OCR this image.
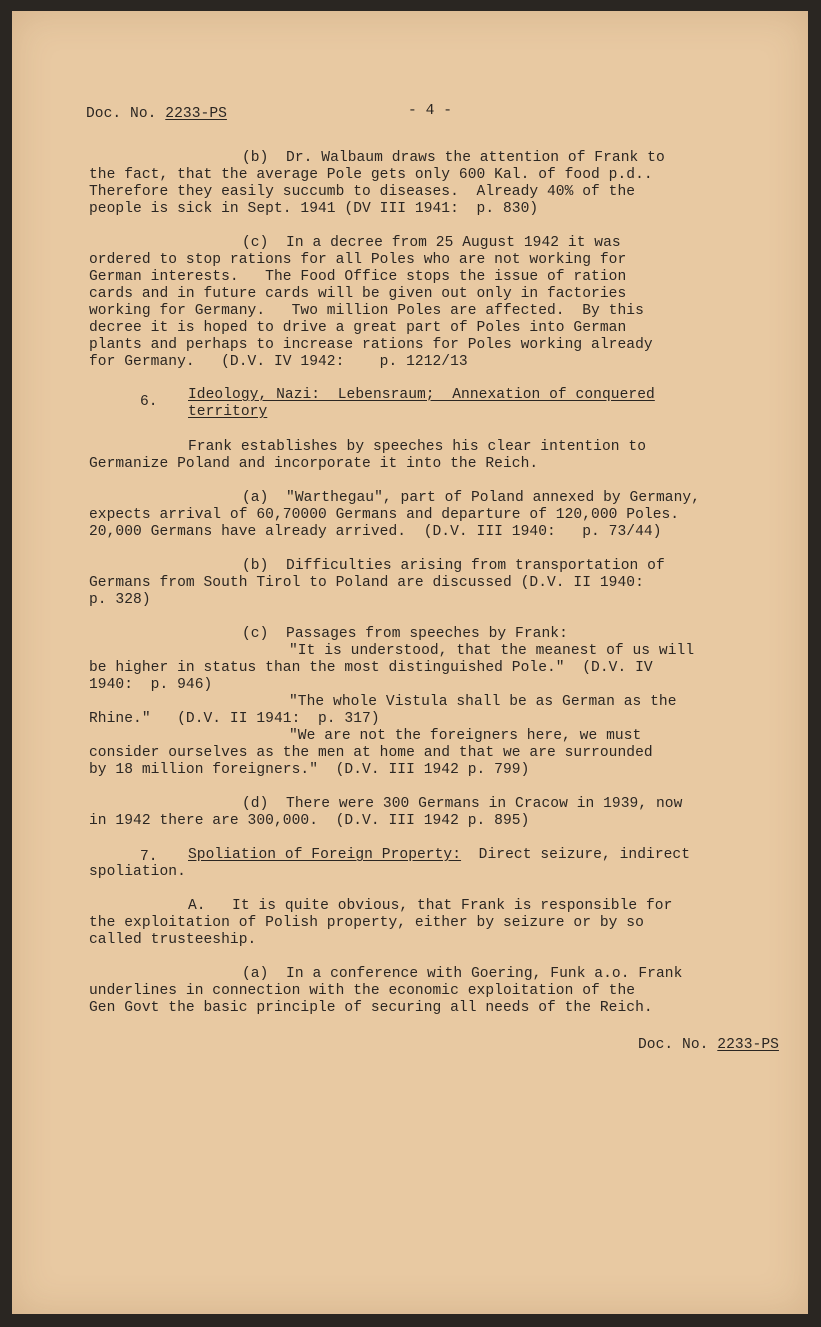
Doc. No. 2233-PS	- 4 -
(b)  Dr. Walbaum draws the attention of Frank to
the fact, that the average Pole gets only 600 Kal. of food p.d..
Therefore they easily succumb to diseases.  Already 40% of the
people is sick in Sept. 1941 (DV III 1941:  p. 830)
(c)  In a decree from 25 August 1942 it was
ordered to stop rations for all Poles who are not working for
German interests.   The Food Office stops the issue of ration
cards and in future cards will be given out only in factories
working for Germany.   Two million Poles are affected.  By this
decree it is hoped to drive a great part of Poles into German
plants and perhaps to increase rations for Poles working already
for Germany.   (D.V. IV 1942:    p. 1212/13
6. Ideology, Nazi:  Lebensraum;  Annexation of conquered
territory
Frank establishes by speeches his clear intention to
Germanize Poland and incorporate it into the Reich.
(a)  "Warthegau", part of Poland annexed by Germany,
expects arrival of 60,70000 Germans and departure of 120,000 Poles.
20,000 Germans have already arrived.  (D.V. III 1940:   p. 73/44)
(b)  Difficulties arising from transportation of
Germans from South Tirol to Poland are discussed (D.V. II 1940:
p. 328)
(c)  Passages from speeches by Frank:
"It is understood, that the meanest of us will
be higher in status than the most distinguished Pole."  (D.V. IV
1940:  p. 946)
"The whole Vistula shall be as German as the
Rhine."   (D.V. II 1941:  p. 317)
"We are not the foreigners here, we must
consider ourselves as the men at home and that we are surrounded
by 18 million foreigners."  (D.V. III 1942 p. 799)
(d)  There were 300 Germans in Cracow in 1939, now
in 1942 there are 300,000.  (D.V. III 1942 p. 895)
7. Spoliation of Foreign Property:  Direct seizure, indirect
spoliation.
A.   It is quite obvious, that Frank is responsible for
the exploitation of Polish property, either by seizure or by so
called trusteeship.
(a)  In a conference with Goering, Funk a.o. Frank
underlines in connection with the economic exploitation of the
Gen Govt the basic principle of securing all needs of the Reich.
Doc. No. 2233-PS
